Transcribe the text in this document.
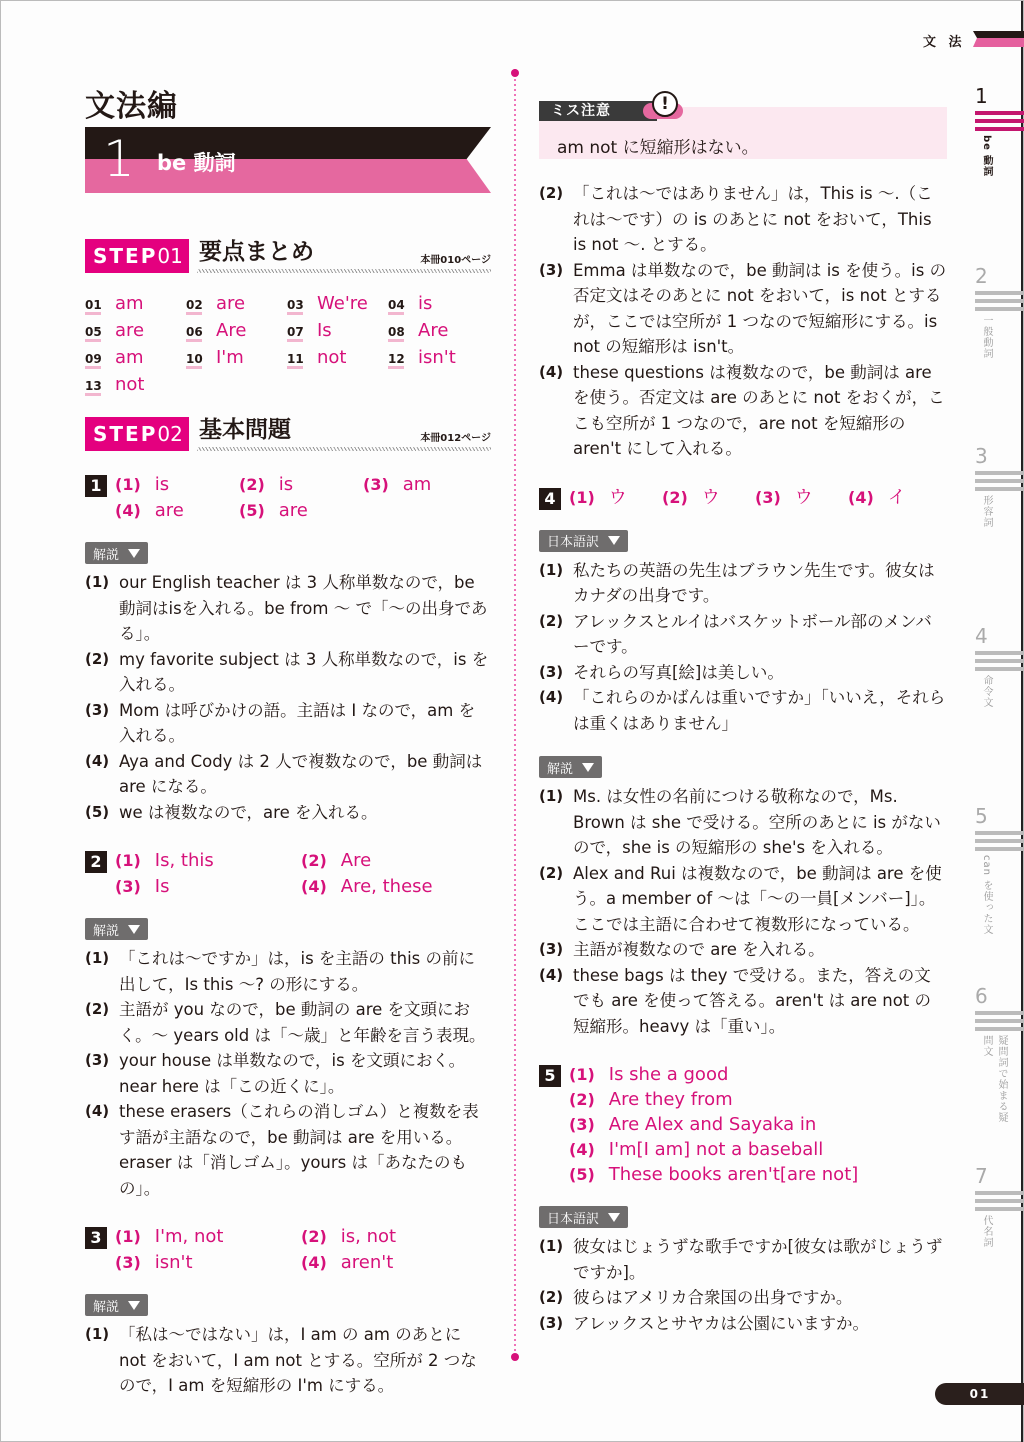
文 法
文法編
1 be 動詞
STEP01 要点まとめ	本冊010ページ
01 am	02 are	03 We're 04 is
05 are	06 Are	07 Is	08 Are
09 am	10 I'm	11 not	12 isn't
13 not
STEP02 基本問題	本冊012ページ
1 (1) is	(2) is	(3) am
(4) are	(5) are
解説
(1) our English teacher は 3 人称単数なので，be 動詞はisを入れる。be from ～ で「～の出身である」。
(2) my favorite subject は 3 人称単数なので，is を入れる。
(3) Mom は呼びかけの語。主語は I なので，am を入れる。
(4) Aya and Cody は 2 人で複数なので，be 動詞は are になる。
(5) we は複数なので，are を入れる。
2 (1) Is, this	(2) Are
(3) Is	(4) Are, these
解説
(1) 「これは～ですか」は，is を主語の this の前に出して，Is this ～? の形にする。
(2) 主語が you なので，be 動詞の are を文頭におく。～ years old は「～歳」と年齢を言う表現。
(3) your house は単数なので，is を文頭におく。near here は「この近くに」。
(4) these erasers（これらの消しゴム）と複数を表す語が主語なので，be 動詞は are を用いる。eraser は「消しゴム」。yours は「あなたのもの」。
3 (1) I'm, not	(2) is, not
(3) isn't	(4) aren't
解説
(1) 「私は～ではない」は，I am の am のあとに not をおいて，I am not とする。空所が 2 つなので，I am を短縮形の I'm にする。
ミス注意	!
am not に短縮形はない。
(2) 「これは～ではありません」は，This is ～.（これは～です）の is のあとに not をおいて，This is not ～. とする。
(3) Emma は単数なので，be 動詞は is を使う。is の否定文はそのあとに not をおいて，is not とするが，ここでは空所が 1 つなので短縮形にする。is not の短縮形は isn't。
(4) these questions は複数なので，be 動詞は are を使う。否定文は are のあとに not をおくが，ここも空所が 1 つなので，are not を短縮形の aren't にして入れる。
4 (1) ウ	(2) ウ	(3) ウ	(4) イ
日本語訳
(1) 私たちの英語の先生はブラウン先生です。彼女はカナダの出身です。
(2) アレックスとルイはバスケットボール部のメンバーです。
(3) それらの写真[絵]は美しい。
(4) 「これらのかばんは重いですか」「いいえ，それらは重くはありません」
解説
(1) Ms. は女性の名前につける敬称なので，Ms. Brown は she で受ける。空所のあとに is がないので，she is の短縮形の she's を入れる。
(2) Alex and Rui は複数なので，be 動詞は are を使う。a member of ～は「～の一員[メンバー]」。ここでは主語に合わせて複数形になっている。
(3) 主語が複数なので are を入れる。
(4) these bags は they で受ける。また，答えの文でも are を使って答える。aren't は are not の短縮形。heavy は「重い」。
5 (1) Is she a good
(2) Are they from
(3) Are Alex and Sayaka in
(4) I'm[I am] not a baseball
(5) These books aren't[are not]
日本語訳
(1) 彼女はじょうずな歌手ですか[彼女は歌がじょうずですか]。
(2) 彼らはアメリカ合衆国の出身ですか。
(3) アレックスとサヤカは公園にいますか。
1
be 動詞
2
一般動詞
3
形容詞
4
命令文
5
can を使った文
6
疑問詞で始まる疑問文
7
代名詞
01
